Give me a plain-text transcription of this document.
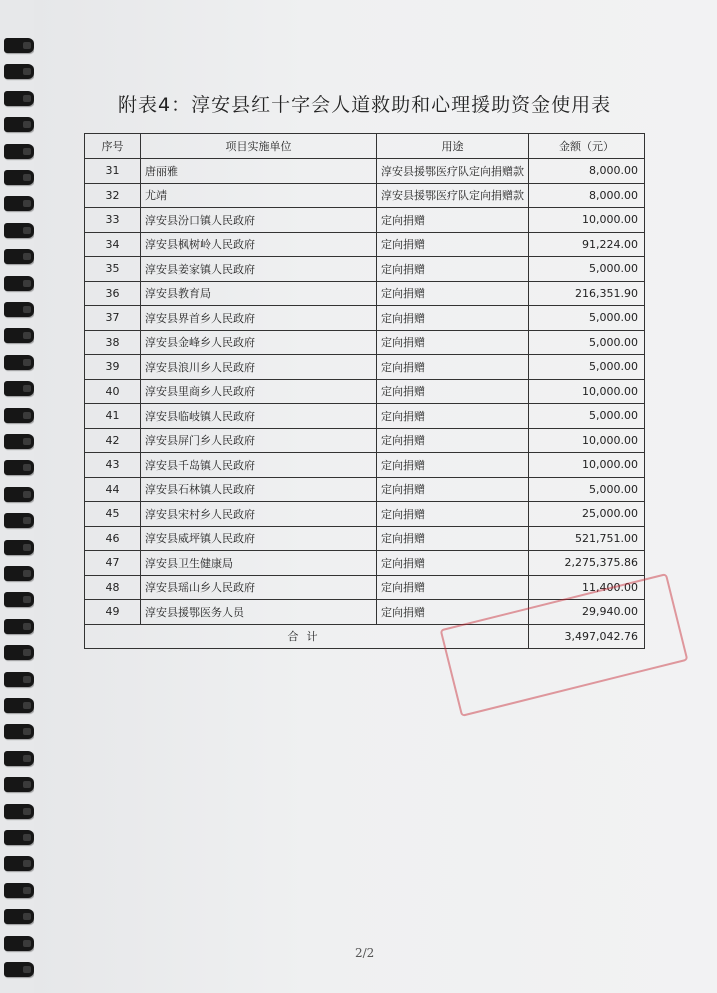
附表4：淳安县红十字会人道救助和心理援助资金使用表
序号	项目实施单位	用途	金额（元）
31	唐丽雅	淳安县援鄂医疗队定向捐赠款	8,000.00
32	尤靖	淳安县援鄂医疗队定向捐赠款	8,000.00
33	淳安县汾口镇人民政府	定向捐赠	10,000.00
34	淳安县枫树岭人民政府	定向捐赠	91,224.00
35	淳安县姜家镇人民政府	定向捐赠	5,000.00
36	淳安县教育局	定向捐赠	216,351.90
37	淳安县界首乡人民政府	定向捐赠	5,000.00
38	淳安县金峰乡人民政府	定向捐赠	5,000.00
39	淳安县浪川乡人民政府	定向捐赠	5,000.00
40	淳安县里商乡人民政府	定向捐赠	10,000.00
41	淳安县临岐镇人民政府	定向捐赠	5,000.00
42	淳安县屏门乡人民政府	定向捐赠	10,000.00
43	淳安县千岛镇人民政府	定向捐赠	10,000.00
44	淳安县石林镇人民政府	定向捐赠	5,000.00
45	淳安县宋村乡人民政府	定向捐赠	25,000.00
46	淳安县威坪镇人民政府	定向捐赠	521,751.00
47	淳安县卫生健康局	定向捐赠	2,275,375.86
48	淳安县瑶山乡人民政府	定向捐赠	11,400.00
49	淳安县援鄂医务人员	定向捐赠	29,940.00
合计			3,497,042.76
2/2
